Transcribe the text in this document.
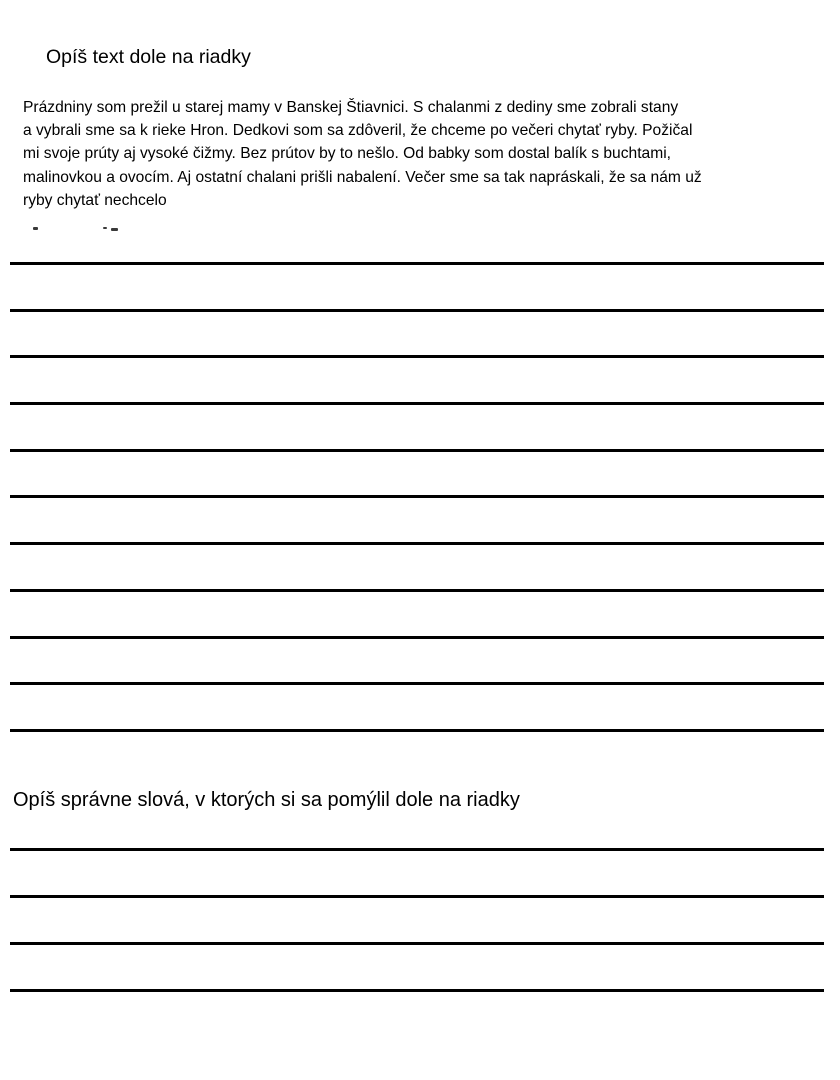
Opíš text dole na riadky
Prázdniny som prežil u starej mamy v Banskej Štiavnici. S chalanmi z dediny sme zobrali stany
a vybrali sme sa k rieke Hron. Dedkovi som sa zdôveril, že chceme po večeri chytať ryby. Požičal
mi svoje prúty aj vysoké čižmy. Bez prútov by to nešlo. Od babky som dostal balík s buchtami,
malinovkou a ovocím. Aj ostatní chalani prišli nabalení. Večer sme sa tak napráskali, že sa nám už
ryby chytať nechcelo
Opíš správne slová, v ktorých si sa pomýlil dole na riadky
